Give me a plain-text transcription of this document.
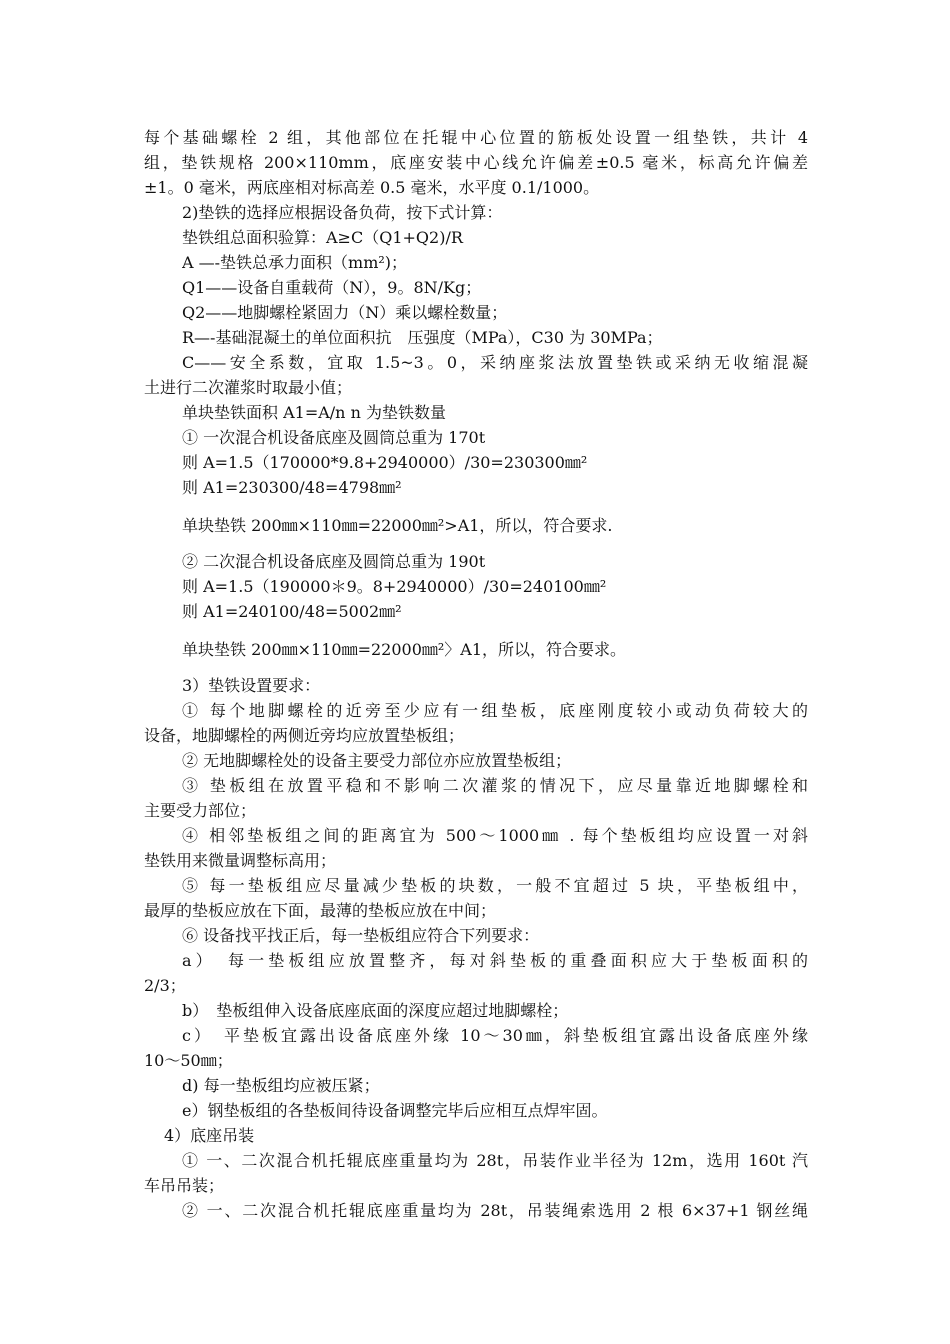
每个基础螺栓 2 组，其他部位在托辊中心位置的筋板处设置一组垫铁，共计 4
组，垫铁规格 200×110mm，底座安装中心线允许偏差±0.5 毫米，标高允许偏差
±1。0 毫米，两底座相对标高差 0.5 毫米，水平度 0.1/1000。
2)垫铁的选择应根据设备负荷，按下式计算：
垫铁组总面积验算：A≥C（Q1+Q2)/R
A —-垫铁总承力面积（mm²)；
Q1——设备自重载荷（N），9。8N/Kg；
Q2——地脚螺栓紧固力（N）乘以螺栓数量；
R—-基础混凝土的单位面积抗　压强度（MPa），C30 为 30MPa；
C——安全系数，宜取 1.5~3。0，采纳座浆法放置垫铁或采纳无收缩混凝
土进行二次灌浆时取最小值；
单块垫铁面积 A1=A/n n 为垫铁数量
① 一次混合机设备底座及圆筒总重为 170t
则 A=1.5（170000*9.8+2940000）/30=230300㎜²
则 A1=230300/48=4798㎜²
单块垫铁 200㎜×110㎜=22000㎜²>A1，所以，符合要求.
② 二次混合机设备底座及圆筒总重为 190t
则 A=1.5（190000＊9。8+2940000）/30=240100㎜²
则 A1=240100/48=5002㎜²
单块垫铁 200㎜×110㎜=22000㎜²〉A1，所以，符合要求。
3）垫铁设置要求：
① 每个地脚螺栓的近旁至少应有一组垫板，底座刚度较小或动负荷较大的
设备，地脚螺栓的两侧近旁均应放置垫板组；
② 无地脚螺栓处的设备主要受力部位亦应放置垫板组；
③ 垫板组在放置平稳和不影响二次灌浆的情况下，应尽量靠近地脚螺栓和
主要受力部位；
④ 相邻垫板组之间的距离宜为 500～1000㎜ . 每个垫板组均应设置一对斜
垫铁用来微量调整标高用；
⑤ 每一垫板组应尽量减少垫板的块数，一般不宜超过 5 块，平垫板组中，
最厚的垫板应放在下面，最薄的垫板应放在中间；
⑥ 设备找平找正后，每一垫板组应符合下列要求：
a）　每一垫板组应放置整齐，每对斜垫板的重叠面积应大于垫板面积的
2/3；
b）　垫板组伸入设备底座底面的深度应超过地脚螺栓；
c）　平垫板宜露出设备底座外缘 10～30㎜，斜垫板组宜露出设备底座外缘
10～50㎜；
d) 每一垫板组均应被压紧；
e）钢垫板组的各垫板间待设备调整完毕后应相互点焊牢固。
4）底座吊装
① 一、二次混合机托辊底座重量均为 28t，吊装作业半径为 12m，选用 160t 汽
车吊吊装；
② 一、二次混合机托辊底座重量均为 28t，吊装绳索选用 2 根 6×37+1 钢丝绳
